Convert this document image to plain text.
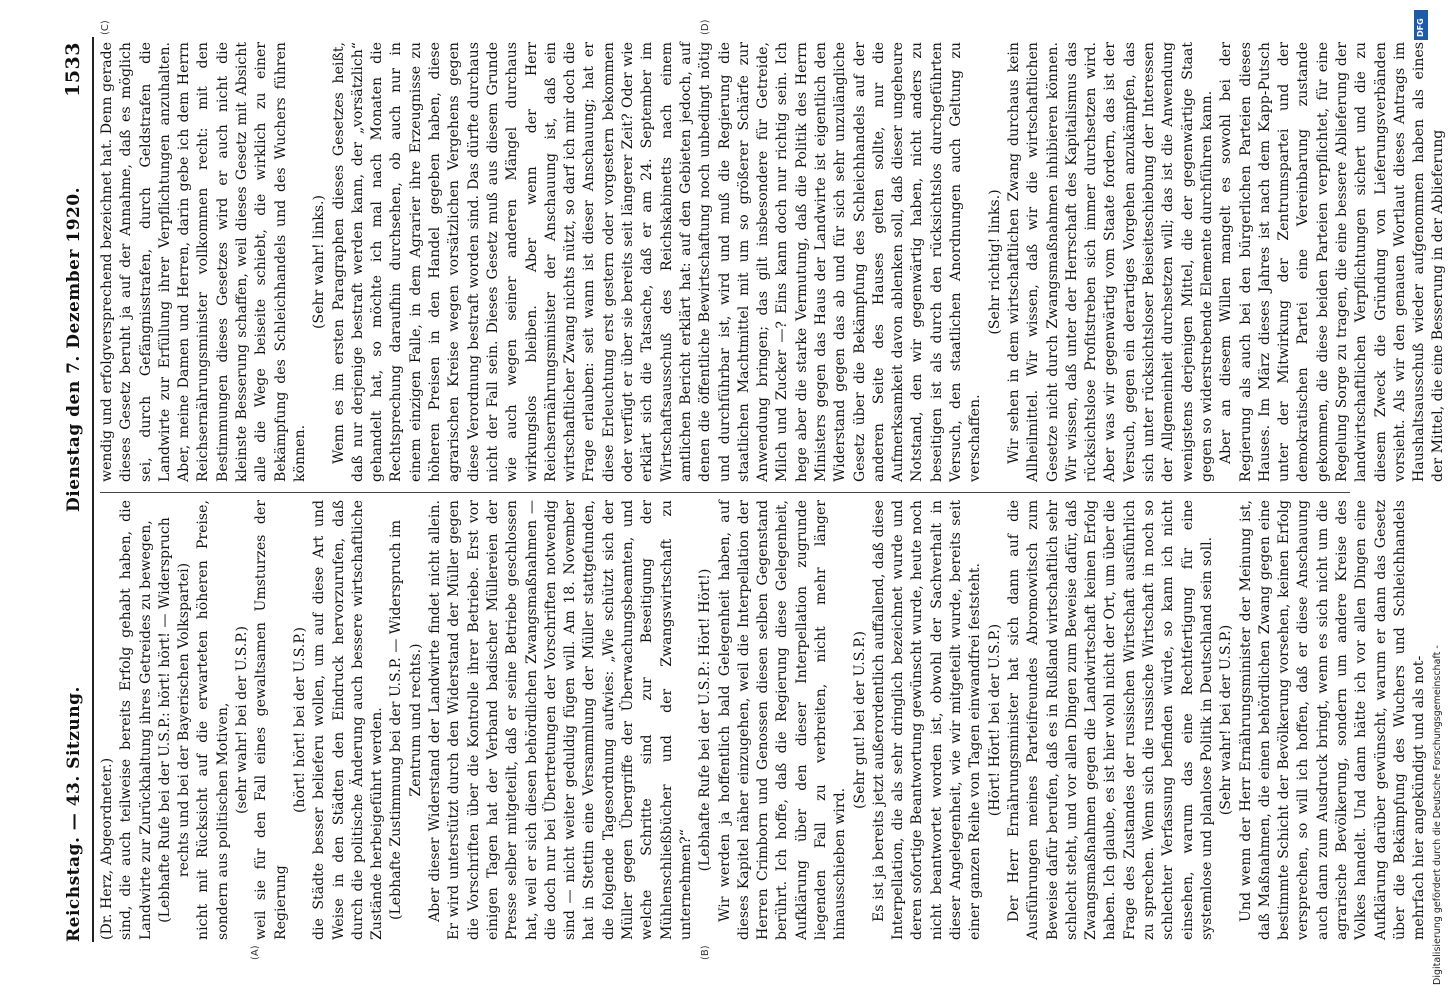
Reichstag. — 43. Sitzung.
Dienstag den 7. Dezember 1920.
1533
(A)	(B)
(C)	(D)

(Dr. Herz, Abgeordneter.) sind, die auch teilweise bereits Erfolg gehabt haben, die Landwirte zur Zurückhaltung ihres Getreides zu bewegen, (Lebhafte Rufe bei der U.S.P.: hört! hört! — Widerspruch rechts und bei der Bayerischen Volkspartei) nicht mit Rücksicht auf die erwarteten höheren Preise, sondern aus politischen Motiven, (sehr wahr! bei der U.S.P.) weil sie für den Fall eines gewaltsamen Umsturzes der Regierung

(hört! hört! bei der U.S.P.) die Städte besser belieferu wollen, um auf diese Art und Weise in den Städten den Eindruck hervorzurufen, daß durch die politische Änderung auch bessere wirtschaftliche Zustände herbeigeführt werden. (Lebhafte Zustimmung bei der U.S.P. — Widerspruch im Zentrum und rechts.) Aber dieser Widerstand der Landwirte findet nicht allein. Er wird unterstützt durch den Widerstand der Müller gegen die Vorschriften über die Kontrolle ihrer Betriebe. Erst vor einigen Tagen hat der Verband badischer Müllereien der Presse selber mitgeteilt, daß er seine Betriebe geschlossen hat, weil er sich diesen behördlichen Zwangsmaßnahmen — die doch nur bei Übertretungen der Vorschriften notwendig sind — nicht weiter geduldig fügen will. Am 18. November hat in Stettin eine Versammlung der Müller stattgefunden, die folgende Tagesordnung aufwies: „Wie schützt sich der Müller gegen Übergriffe der Überwachungsbeamten, und welche Schritte sind zur Beseitigung der Mühlenschließbücher und der Zwangswirtschaft zu unternehmen?“

(Lebhafte Rufe bei der U.S.P.: Hört! Hört!) Wir werden ja hoffentlich bald Gelegenheit haben, auf dieses Kapitel näher einzugehen, weil die Interpellation der Herren Crimborn und Genossen diesen selben Gegenstand berührt. Ich hoffe, daß die Regierung diese Gelegenheit, Aufklärung über den dieser Interpellation zugrunde liegenden Fall zu verbreiten, nicht mehr länger hinausschieben wird.

(Sehr gut! bei der U.S.P.) Es ist ja bereits jetzt außerordentlich auffallend, daß diese Interpellation, die als sehr dringlich bezeichnet wurde und deren sofortige Beantwortung gewünscht wurde, heute noch nicht beantwortet worden ist, obwohl der Sachverhalt in dieser Angelegenheit, wie wir mitgeteilt wurde, bereits seit einer ganzen Reihe von Tagen einwandfrei feststeht. (Hört! Hört! bei der U.S.P.) Der Herr Ernährungsminister hat sich dann auf die Ausführungen meines Parteifreundes Abromowitsch zum Beweise dafür berufen, daß es in Rußland wirtschaftlich sehr schlecht steht, und vor allen Dingen zum Beweise dafür, daß Zwangsmaßnahmen gegen die Landwirtschaft keinen Erfolg haben. Ich glaube, es ist hier wohl nicht der Ort, um über die Frage des Zustandes der russischen Wirtschaft ausführlich zu sprechen. Wenn sich die russische Wirtschaft in noch so schlechter Verfassung befinden würde, so kann ich nicht einsehen, warum das eine Rechtfertigung für eine systemlose und planlose Politik in Deutschland sein soll. (Sehr wahr! bei der U.S.P.) Und wenn der Herr Ernährungsminister der Meinung ist, daß Maßnahmen, die einen behördlichen Zwang gegen eine bestimmte Schicht der Bevölkerung vorsehen, keinen Erfolg versprechen, so will ich hoffen, daß er diese Anschauung auch dann zum Ausdruck bringt, wenn es sich nicht um die agrarische Bevölkerung, sondern um andere Kreise des Volkes handelt. Und dann hätte ich vor allen Dingen eine Aufklärung darüber gewünscht, warum er dann das Gesetz über die Bekämpfung des Wuchers und Schleichhandels mehrfach hier angekündigt und als not-

wendig und erfolgversprechend bezeichnet hat. Denn gerade dieses Gesetz beruht ja auf der Annahme, daß es möglich sei, durch Gefängnisstrafen, durch Geldstrafen die Landwirte zur Erfüllung ihrer Verpflichtungen anzuhalten. Aber, meine Damen und Herren, darin gebe ich dem Herrn Reichsernährungsminister vollkommen recht: mit den Bestimmungen dieses Gesetzes wird er auch nicht die kleinste Besserung schaffen, weil dieses Gesetz mit Absicht alle die Wege beiseite schiebt, die wirklich zu einer Bekämpfung des Schleichhandels und des Wuchers führen können.

(Sehr wahr! links.) Wenn es im ersten Paragraphen dieses Gesetzes heißt, daß nur derjenige bestraft werden kann, der „vorsätzlich“ gehandelt hat, so möchte ich mal nach Monaten die Rechtsprechung daraufhin durchsehen, ob auch nur in einem einzigen Falle, in dem Agrarier ihre Erzeugnisse zu höheren Preisen in den Handel gegeben haben, diese agrarischen Kreise wegen vorsätzlichen Vergehens gegen diese Verordnung bestraft worden sind. Das dürfte durchaus nicht der Fall sein. Dieses Gesetz muß aus diesem Grunde wie auch wegen seiner anderen Mängel durchaus wirkungslos bleiben. Aber wenn der Herr Reichsernährungsminister der Anschauung ist, daß ein wirtschaftlicher Zwang nichts nützt, so darf ich mir doch die Frage erlauben: seit wann ist dieser Anschauung; hat er diese Erleuchtung erst gestern oder vorgestern bekommen oder verfügt er über sie bereits seit längerer Zeit? Oder wie erklärt sich die Tatsache, daß er am 24. September im Wirtschaftsausschuß des Reichskabinetts nach einem amtlichen Bericht erklärt hat: auf den Gebieten jedoch, auf denen die öffentliche Bewirtschaftung noch unbedingt nötig und durchführbar ist, wird und muß die Regierung die staatlichen Machtmittel mit um so größerer Schärfe zur Anwendung bringen; das gilt insbesondere für Getreide, Milch und Zucker —? Eins kann doch nur richtig sein. Ich hege aber die starke Vermutung, daß die Politik des Herrn Ministers gegen das Haus der Landwirte ist eigentlich den Widerstand gegen das ab und für sich sehr unzulängliche Gesetz über die Bekämpfung des Schleichhandels auf der anderen Seite des Hauses gelten sollte, nur die Aufmerksamkeit davon ablenken soll, daß dieser ungeheure Notstand, den wir gegenwärtig haben, nicht anders zu beseitigen ist als durch den rücksichtslos durchgeführten Versuch, den staatlichen Anordnungen auch Geltung zu verschaffen.

(Sehr richtig! links.) Wir sehen in dem wirtschaftlichen Zwang durchaus kein Allheilmittel. Wir wissen, daß wir die wirtschaftlichen Gesetze nicht durch Zwangsmaßnahmen inhibieren können. Wir wissen, daß unter der Herrschaft des Kapitalismus das rücksichtslose Profitstreben sich immer durchsetzen wird. Aber was wir gegenwärtig vom Staate fordern, das ist der Versuch, gegen ein derartiges Vorgehen anzukämpfen, das sich unter rücksichtsloser Beiseiteschiebung der Interessen der Allgemeinheit durchsetzen will; das ist die Anwendung wenigstens derjenigen Mittel, die der gegenwärtige Staat gegen so widerstrebende Elemente durchführen kann. Aber an diesem Willen mangelt es sowohl bei der Regierung als auch bei den bürgerlichen Parteien dieses Hauses. Im März dieses Jahres ist nach dem Kapp-Putsch unter der Mitwirkung der Zentrumspartei und der demokratischen Partei eine Vereinbarung zustande gekommen, die diese beiden Parteien verpflichtet, für eine Regelung Sorge zu tragen, die eine bessere Ablieferung der landwirtschaftlichen Verpflichtungen sichert und die zu diesem Zweck die Gründung von Lieferungsverbänden vorsieht. Als wir den genauen Wortlaut dieses Antrags im Haushaltsausschuß wieder aufgenommen haben als eines der Mittel, die eine Besserung in der Ablieferung

DFG
Digitalisierung gefördert durch die Deutsche Forschungsgemeinschaft -
